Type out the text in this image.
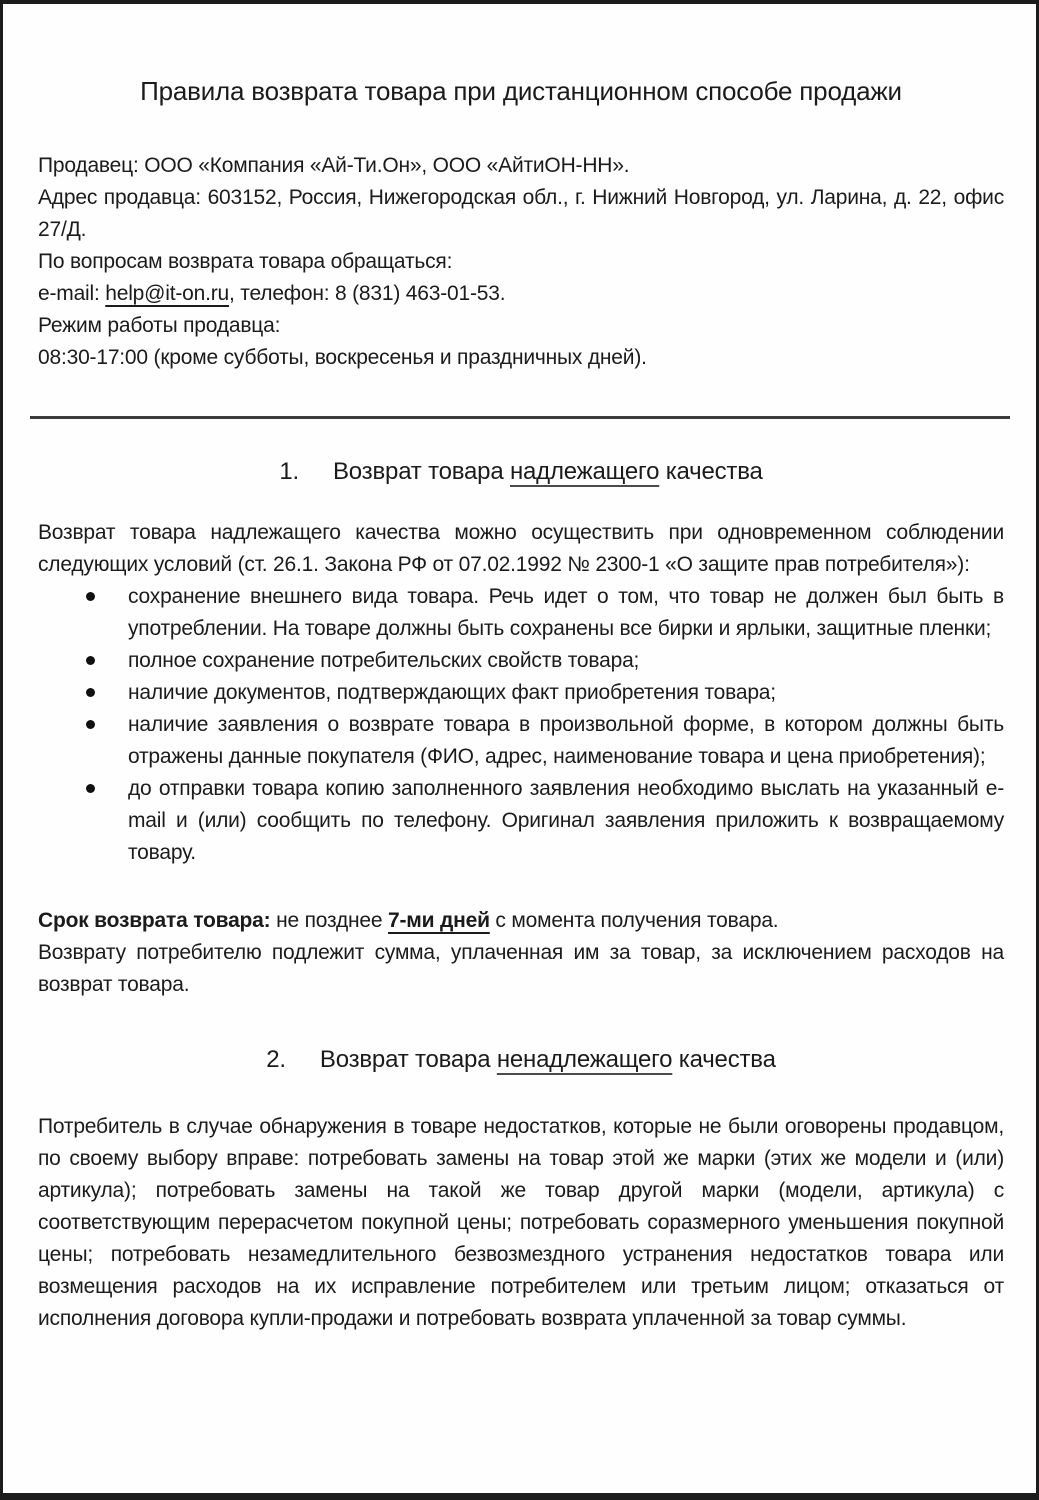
Правила возврата товара при дистанционном способе продажи

Продавец: ООО «Компания «Ай-Ти.Он», ООО «АйтиОН-НН».

Адрес продавца: 603152, Россия, Нижегородская обл., г. Нижний Новгород, ул. Ларина, д. 22, офис 27/Д.

По вопросам возврата товара обращаться:

e-mail: help@it-on.ru, телефон: 8 (831) 463-01-53.

Режим работы продавца:

08:30-17:00 (кроме субботы, воскресенья и праздничных дней).

1. Возврат товара надлежащего качества

Возврат товара надлежащего качества можно осуществить при одновременном соблюдении следующих условий (ст. 26.1. Закона РФ от 07.02.1992 № 2300-1 «О защите прав потребителя»):

сохранение внешнего вида товара. Речь идет о том, что товар не должен был быть в употреблении. На товаре должны быть сохранены все бирки и ярлыки, защитные пленки;
полное сохранение потребительских свойств товара;
наличие документов, подтверждающих факт приобретения товара;
наличие заявления о возврате товара в произвольной форме, в котором должны быть отражены данные покупателя (ФИО, адрес, наименование товара и цена приобретения);
до отправки товара копию заполненного заявления необходимо выслать на указанный e-mail и (или) сообщить по телефону. Оригинал заявления приложить к возвращаемому товару.

Срок возврата товара: не позднее 7-ми дней с момента получения товара.

Возврату потребителю подлежит сумма, уплаченная им за товар, за исключением расходов на возврат товара.

2. Возврат товара ненадлежащего качества

Потребитель в случае обнаружения в товаре недостатков, которые не были оговорены продавцом, по своему выбору вправе: потребовать замены на товар этой же марки (этих же модели и (или) артикула); потребовать замены на такой же товар другой марки (модели, артикула) с соответствующим перерасчетом покупной цены; потребовать соразмерного уменьшения покупной цены; потребовать незамедлительного безвозмездного устранения недостатков товара или возмещения расходов на их исправление потребителем или третьим лицом; отказаться от исполнения договора купли-продажи и потребовать возврата уплаченной за товар суммы.
